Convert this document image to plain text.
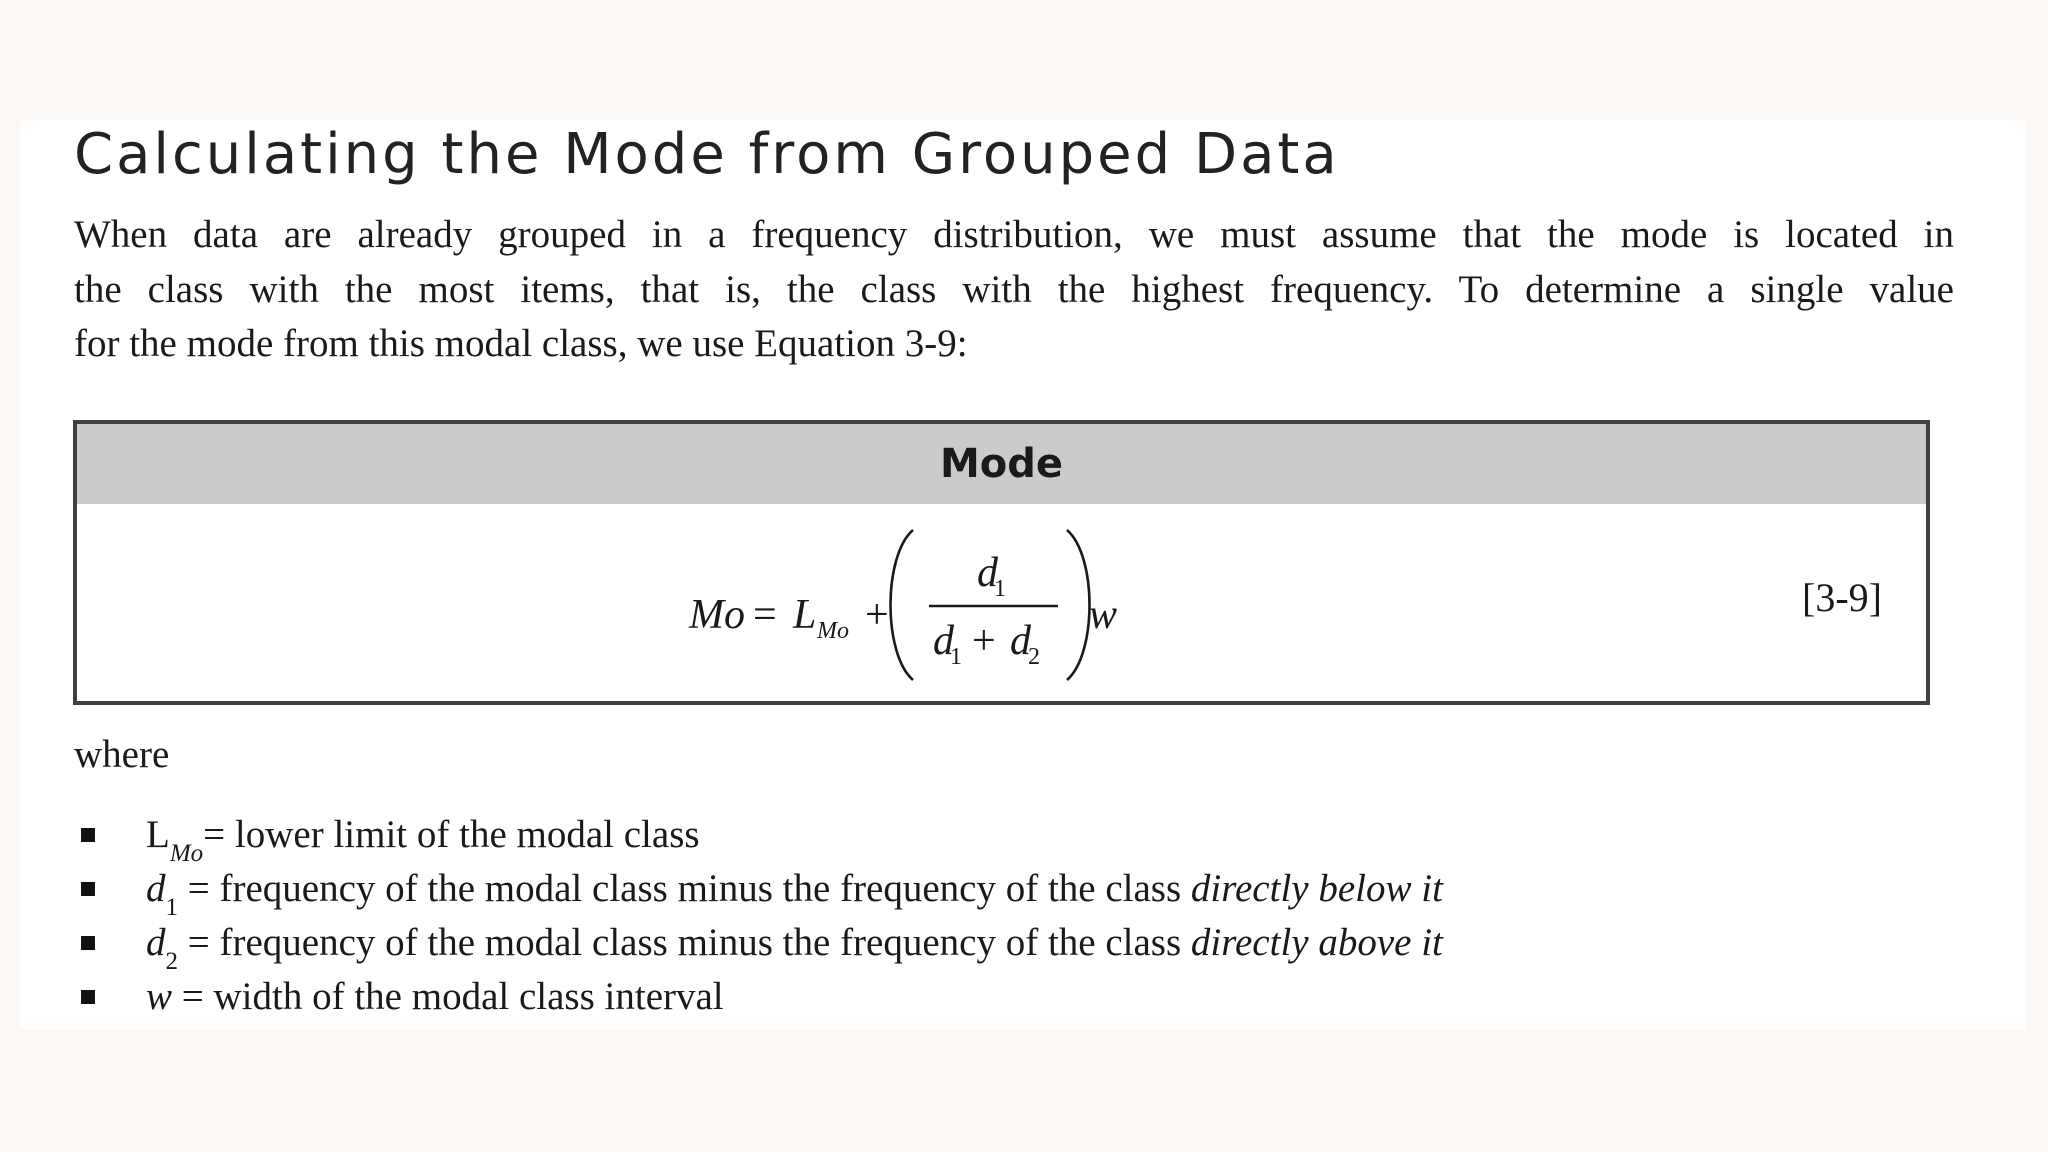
Calculating the Mode from Grouped Data

When data are already grouped in a frequency distribution, we must assume that the mode is located in
the class with the most items, that is, the class with the highest frequency. To determine a single value
for the mode from this modal class, we use Equation 3-9:

Mode
Mo = L Mo +
d
1
d
1 + d
2
w	[3-9]
where
$L_{Mo}=$ lower limit of the modal class
$d_1$ = frequency of the modal class minus the frequency of the class directly below it
$d_2$ = frequency of the modal class minus the frequency of the class directly above it
w = width of the modal class interval
